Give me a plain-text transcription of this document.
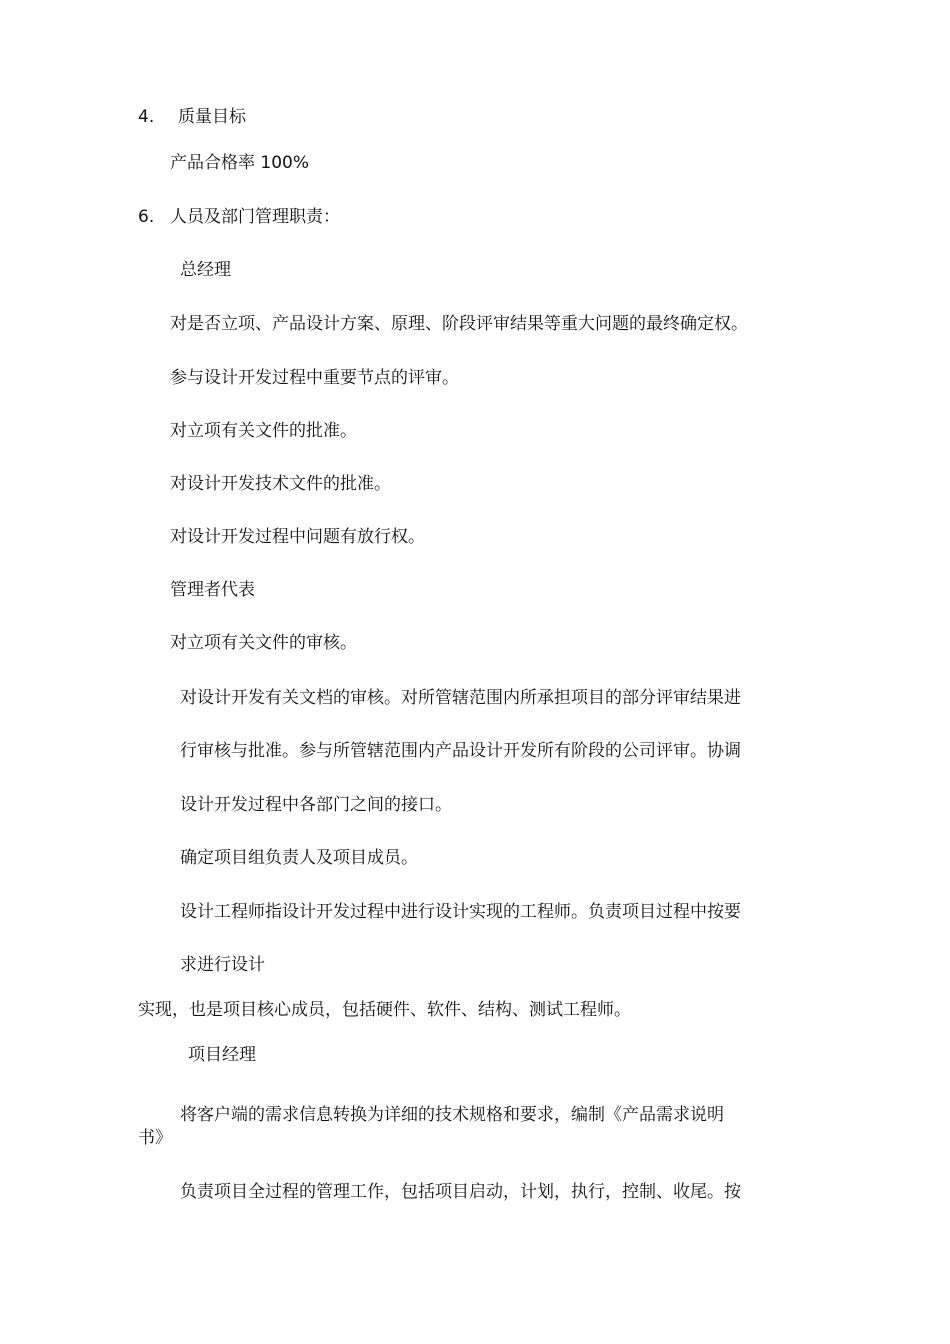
4. 质量目标
产品合格率 100%
6. 人员及部门管理职责：
总经理
对是否立项、产品设计方案、原理、阶段评审结果等重大问题的最终确定权。
参与设计开发过程中重要节点的评审。
对立项有关文件的批准。
对设计开发技术文件的批准。
对设计开发过程中问题有放行权。
管理者代表
对立项有关文件的审核。
对设计开发有关文档的审核。对所管辖范围内所承担项目的部分评审结果进
行审核与批准。参与所管辖范围内产品设计开发所有阶段的公司评审。协调
设计开发过程中各部门之间的接口。
确定项目组负责人及项目成员。
设计工程师指设计开发过程中进行设计实现的工程师。负责项目过程中按要
求进行设计
实现，也是项目核心成员，包括硬件、软件、结构、测试工程师。
项目经理
将客户端的需求信息转换为详细的技术规格和要求，编制《产品需求说明
书》
负责项目全过程的管理工作，包括项目启动，计划，执行，控制、收尾。按
